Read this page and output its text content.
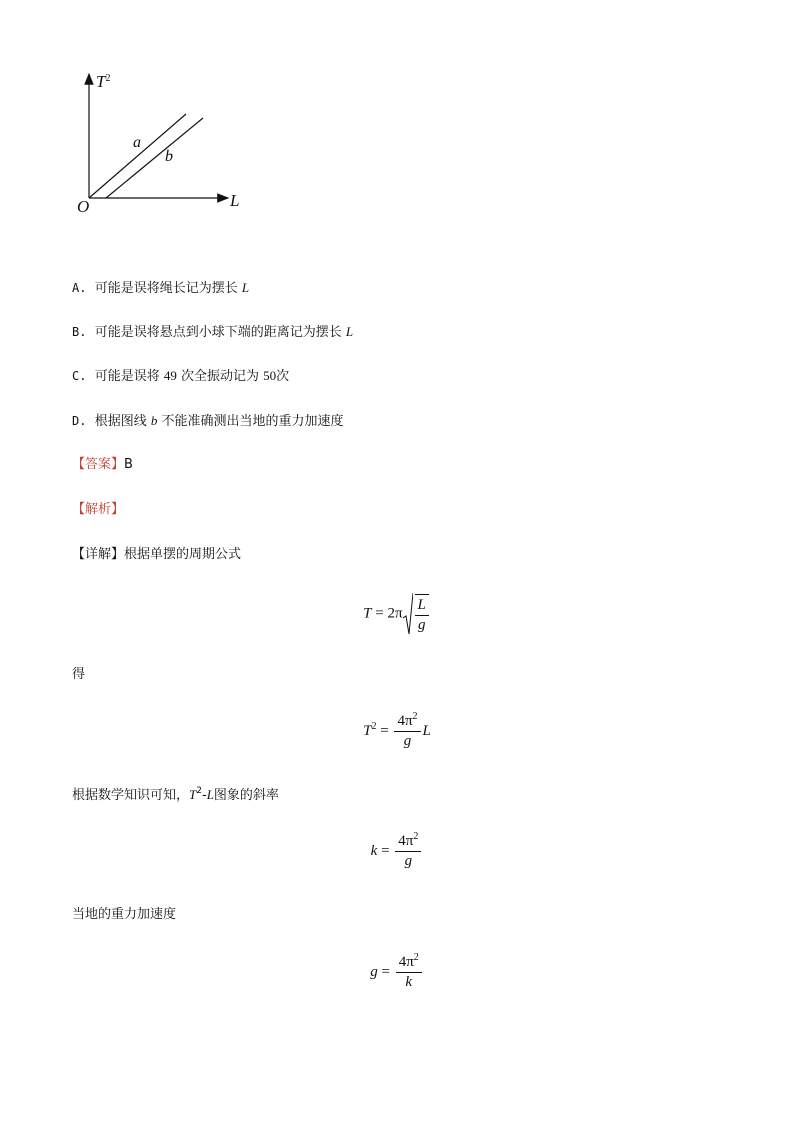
$T^2$
L
O
a
b
A. 可能是误将绳长记为摆长 L
B. 可能是误将悬点到小球下端的距离记为摆长 L
C. 可能是误将 49 次全振动记为 50次
D. 根据图线 b 不能准确测出当地的重力加速度
【答案】B
【解析】
【详解】根据单摆的周期公式
$T = 2\pi \frac{L}{g}$
得
$T^2 = \frac{4\pi^2}{g}$ L
根据数学知识可知，$T^2-L$图象的斜率
$k = \frac{4\pi^2}{g}$
当地的重力加速度
$g = \frac{4\pi^2}{k}$
